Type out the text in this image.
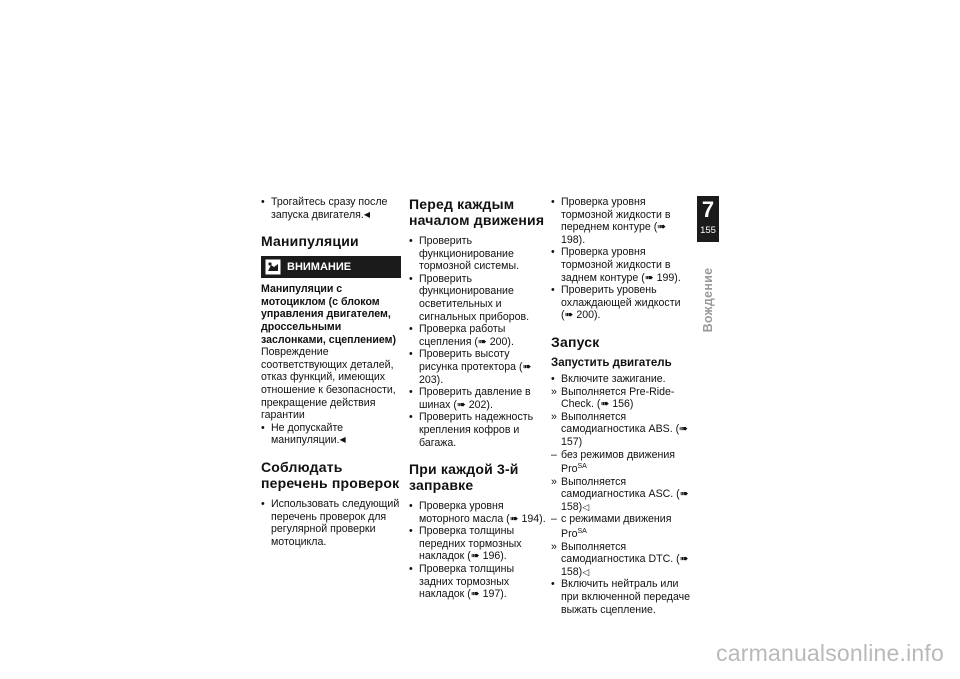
• Трогайтесь сразу после запуска двигателя.◀

Манипуляции
ВНИМАНИЕ

Манипуляции с мотоциклом (с блоком управления двигателем, дроссельными заслонками, сцеплением)

Повреждение соответствующих деталей, отказ функций, имеющих отношение к безопасности, прекращение действия гарантии

• Не допускайте манипуляции.◀

Соблюдать перечень проверок

• Использовать следующий перечень проверок для регулярной проверки мотоцикла.

Перед каждым началом движения

• Проверить функционирование тормозной системы.

• Проверить функционирование осветительных и сигнальных приборов.

• Проверка работы сцепления (➠ 200).

• Проверить высоту рисунка протектора (➠ 203).

• Проверить давление в шинах (➠ 202).

• Проверить надежность крепления кофров и багажа.

При каждой 3-й заправке

• Проверка уровня моторного масла (➠ 194).

• Проверка толщины передних тормозных накладок (➠ 196).

• Проверка толщины задних тормозных накладок (➠ 197).

• Проверка уровня тормозной жидкости в переднем контуре (➠ 198).

• Проверка уровня тормозной жидкости в заднем контуре (➠ 199).

• Проверить уровень охлаждающей жидкости (➠ 200).

Запуск
Запустить двигатель

• Включите зажигание.

» Выполняется Pre-Ride-Check. (➠ 156)

» Выполняется самодиагностика ABS. (➠ 157)

– без режимов движения Pro$^{SA}$

» Выполняется самодиагностика ASC. (➠ 158)◁

– с режимами движения Pro$^{SA}$

» Выполняется самодиагностика DTC. (➠ 158)◁

• Включить нейтраль или при включенной передаче выжать сцепление.

7
155
Вождение
carmanualsonline.info
